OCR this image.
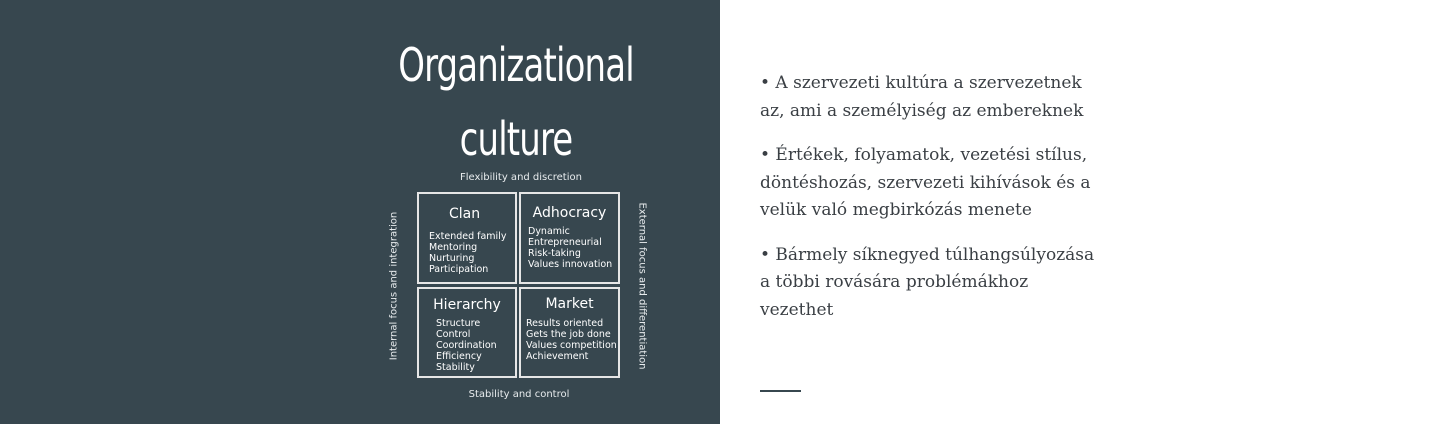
Organizational
culture
Flexibility and discretion
Stability and control
Internal focus and integration	External focus and differentiation
Clan
Extended family
Mentoring
Nurturing
Participation
Adhocracy
Dynamic
Entrepreneurial
Risk-taking
Values innovation
Hierarchy
Structure
Control
Coordination
Efficiency
Stability
Market
Results oriented
Gets the job done
Values competition
Achievement
• A szervezeti kultúra a szervezetnek az, ami a személyiség az embereknek
• Értékek, folyamatok, vezetési stílus, döntéshozás, szervezeti kihívások és a velük való megbirkózás menete
• Bármely síknegyed túlhangsúlyozása a többi rovására problémákhoz vezethet
